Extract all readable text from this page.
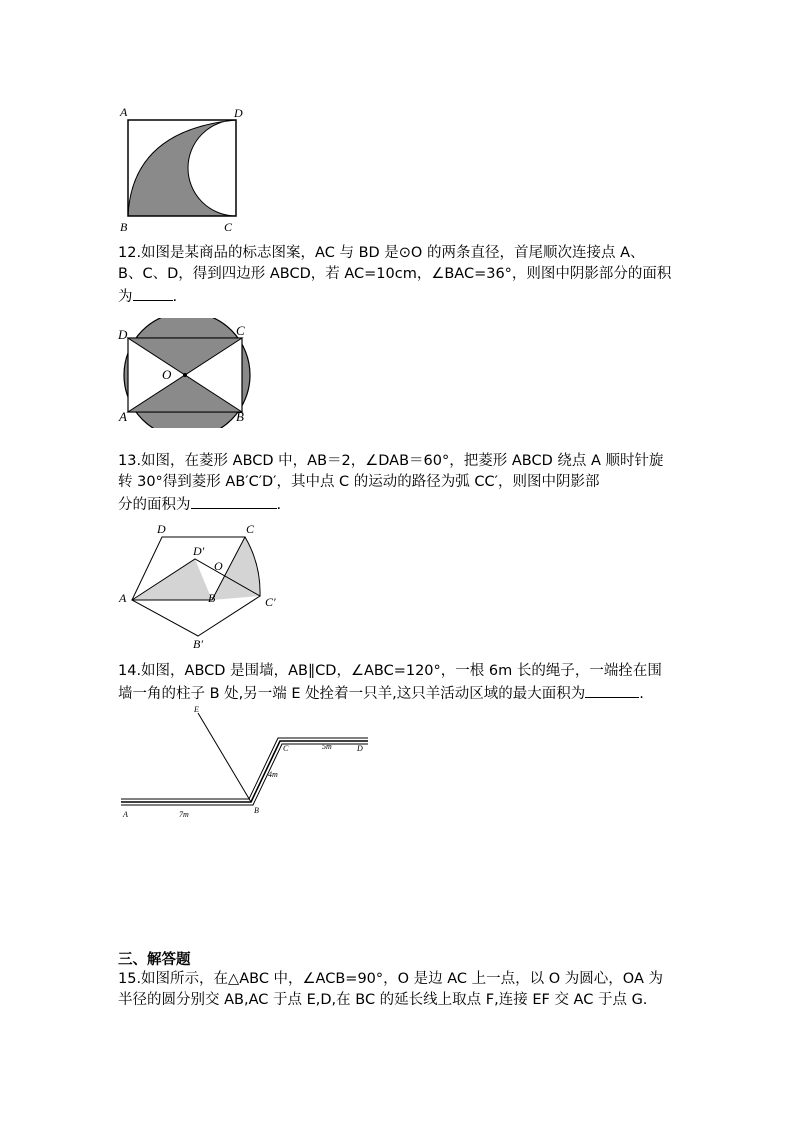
A	D
B	C

12.如图是某商品的标志图案，AC 与 BD 是⊙O 的两条直径，首尾顺次连接点 A、

B、C、D，得到四边形 ABCD，若 AC=10cm，∠BAC=36°，则图中阴影部分的面积

为	.

D	C
O
A	B

13.如图，在菱形 ABCD 中，AB＝2，∠DAB＝60°，把菱形 ABCD 绕点 A 顺时针旋

转 30°得到菱形 AB′C′D′，其中点 C 的运动的路径为弧 CC′，则图中阴影部

分的面积为	.

D	C
D′
O
A	B	C′
B′

14.如图，ABCD 是围墙，AB∥CD，∠ABC=120°，一根 6m 长的绳子，一端拴在围

墙一角的柱子 B 处,另一端 E 处拴着一只羊,这只羊活动区域的最大面积为	.

E
C	5m	D
4m
A	7m	B
三、解答题

15.如图所示，在△ABC 中，∠ACB=90°，O 是边 AC 上一点，以 O 为圆心，OA 为

半径的圆分别交 AB,AC 于点 E,D,在 BC 的延长线上取点 F,连接 EF 交 AC 于点 G.
